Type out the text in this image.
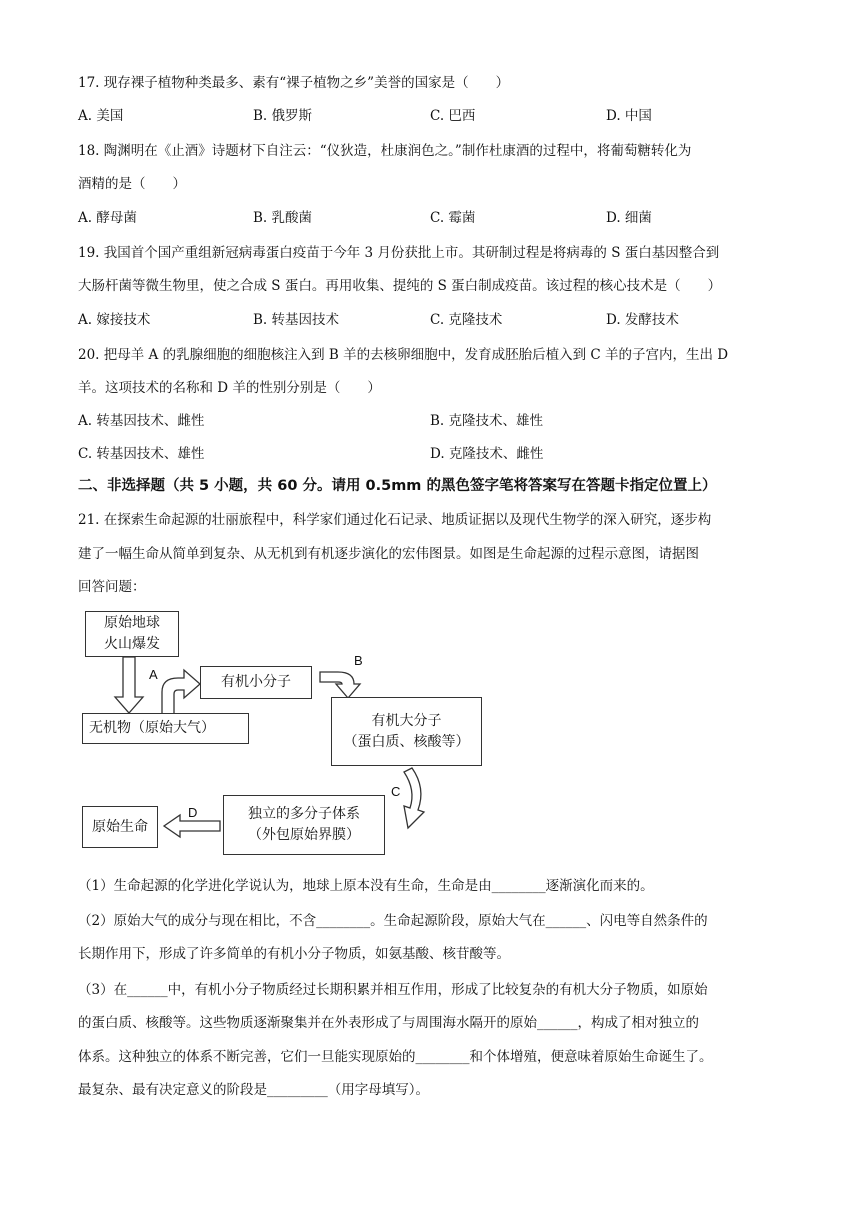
17. 现存裸子植物种类最多、素有“裸子植物之乡”美誉的国家是（　　）
A. 美国	B. 俄罗斯	C. 巴西	D. 中国
18. 陶渊明在《止酒》诗题材下自注云：“仪狄造，杜康润色之。”制作杜康酒的过程中，将葡萄糖转化为
酒精的是（　　）
A. 酵母菌	B. 乳酸菌	C. 霉菌	D. 细菌
19. 我国首个国产重组新冠病毒蛋白疫苗于今年 3 月份获批上市。其研制过程是将病毒的 S 蛋白基因整合到
大肠杆菌等微生物里，使之合成 S 蛋白。再用收集、提纯的 S 蛋白制成疫苗。该过程的核心技术是（　　）
A. 嫁接技术	B. 转基因技术	C. 克隆技术	D. 发酵技术
20. 把母羊 A 的乳腺细胞的细胞核注入到 B 羊的去核卵细胞中，发育成胚胎后植入到 C 羊的子宫内，生出 D
羊。这项技术的名称和 D 羊的性别分别是（　　）
A. 转基因技术、雌性	B. 克隆技术、雄性
C. 转基因技术、雄性	D. 克隆技术、雌性
二、非选择题（共 5 小题，共 60 分。请用 0.5mm 的黑色签字笔将答案写在答题卡指定位置上）
21. 在探索生命起源的壮丽旅程中，科学家们通过化石记录、地质证据以及现代生物学的深入研究，逐步构
建了一幅生命从简单到复杂、从无机到有机逐步演化的宏伟图景。如图是生命起源的过程示意图，请据图
回答问题：
原始地球
火山爆发
A
无机物（原始大气）
有机小分子
B
有机大分子
（蛋白质、核酸等）
C
独立的多分子体系
（外包原始界膜）
D
原始生命
（1）生命起源的化学进化学说认为，地球上原本没有生命，生命是由________逐渐演化而来的。
（2）原始大气的成分与现在相比，不含________。生命起源阶段，原始大气在______、闪电等自然条件的
长期作用下，形成了许多简单的有机小分子物质，如氨基酸、核苷酸等。
（3）在______中，有机小分子物质经过长期积累并相互作用，形成了比较复杂的有机大分子物质，如原始
的蛋白质、核酸等。这些物质逐渐聚集并在外表形成了与周围海水隔开的原始______，构成了相对独立的
体系。这种独立的体系不断完善，它们一旦能实现原始的________和个体增殖，便意味着原始生命诞生了。
最复杂、最有决定意义的阶段是_________（用字母填写）。
